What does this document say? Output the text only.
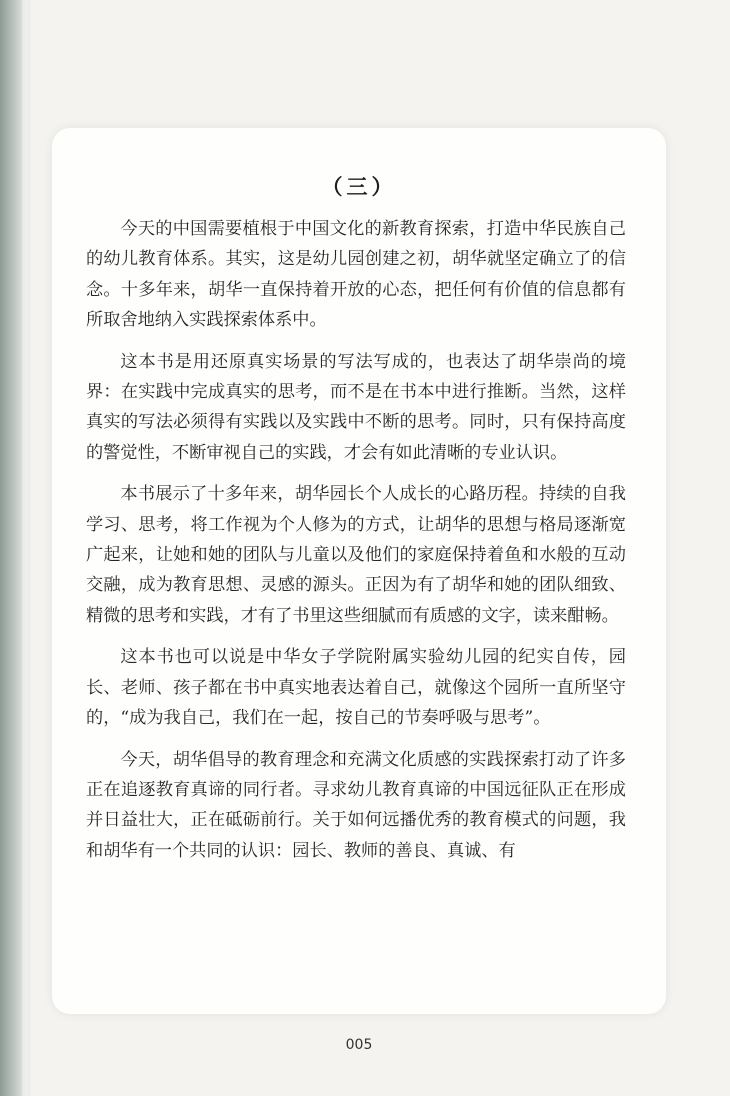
（三）

今天的中国需要植根于中国文化的新教育探索，打造中华民族自己的幼儿教育体系。其实，这是幼儿园创建之初，胡华就坚定确立了的信念。十多年来，胡华一直保持着开放的心态，把任何有价值的信息都有所取舍地纳入实践探索体系中。

这本书是用还原真实场景的写法写成的，也表达了胡华崇尚的境界：在实践中完成真实的思考，而不是在书本中进行推断。当然，这样真实的写法必须得有实践以及实践中不断的思考。同时，只有保持高度的警觉性，不断审视自己的实践，才会有如此清晰的专业认识。

本书展示了十多年来，胡华园长个人成长的心路历程。持续的自我学习、思考，将工作视为个人修为的方式，让胡华的思想与格局逐渐宽广起来，让她和她的团队与儿童以及他们的家庭保持着鱼和水般的互动交融，成为教育思想、灵感的源头。正因为有了胡华和她的团队细致、精微的思考和实践，才有了书里这些细腻而有质感的文字，读来酣畅。

这本书也可以说是中华女子学院附属实验幼儿园的纪实自传，园长、老师、孩子都在书中真实地表达着自己，就像这个园所一直所坚守的，“成为我自己，我们在一起，按自己的节奏呼吸与思考”。

今天，胡华倡导的教育理念和充满文化质感的实践探索打动了许多正在追逐教育真谛的同行者。寻求幼儿教育真谛的中国远征队正在形成并日益壮大，正在砥砺前行。关于如何远播优秀的教育模式的问题，我和胡华有一个共同的认识：园长、教师的善良、真诚、有

005
